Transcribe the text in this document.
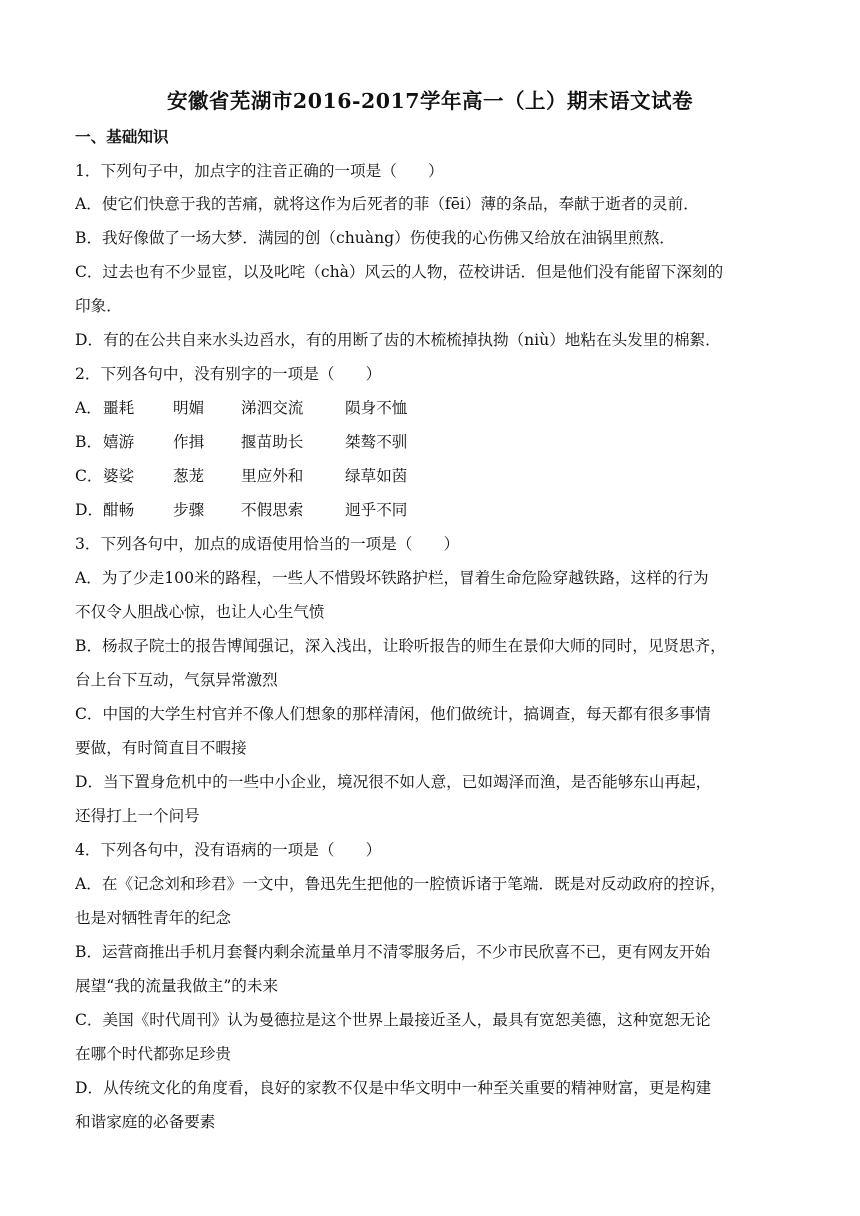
安徽省芜湖市2016-2017学年高一（上）期末语文试卷
一、基础知识
1．下列句子中，加点字的注音正确的一项是（　　）
A．使它们快意于我的苦痛，就将这作为后死者的菲（fēi）薄的条品，奉献于逝者的灵前．
B．我好像做了一场大梦．满园的创（chuàng）伤使我的心伤佛又给放在油锅里煎熬．
C．过去也有不少显宦，以及叱咤（chà）风云的人物，莅校讲话．但是他们没有能留下深刻的
印象．
D．有的在公共自来水头边舀水，有的用断了齿的木梳梳掉执拗（niù）地粘在头发里的棉絮．
2．下列各句中，没有别字的一项是（　　）
A． 噩耗	明媚	涕泗交流	陨身不恤
B． 嬉游	作揖	揠苗助长	桀骜不驯
C． 婆娑	葱茏	里应外和	绿草如茵
D． 酣畅	步骤	不假思索	迥乎不同
3．下列各句中，加点的成语使用恰当的一项是（　　）
A．为了少走100米的路程，一些人不惜毁坏铁路护栏，冒着生命危险穿越铁路，这样的行为
不仅令人胆战心惊，也让人心生气愤
B．杨叔子院士的报告博闻强记，深入浅出，让聆听报告的师生在景仰大师的同时，见贤思齐，
台上台下互动，气氛异常激烈
C．中国的大学生村官并不像人们想象的那样清闲，他们做统计，搞调查，每天都有很多事情
要做，有时简直目不暇接
D．当下置身危机中的一些中小企业，境况很不如人意，已如竭泽而渔，是否能够东山再起，
还得打上一个问号
4．下列各句中，没有语病的一项是（　　）
A．在《记念刘和珍君》一文中，鲁迅先生把他的一腔愤诉诸于笔端．既是对反动政府的控诉，
也是对牺牲青年的纪念
B．运营商推出手机月套餐内剩余流量单月不清零服务后，不少市民欣喜不已，更有网友开始
展望“我的流量我做主”的未来
C．美国《时代周刊》认为曼德拉是这个世界上最接近圣人，最具有宽恕美德，这种宽恕无论
在哪个时代都弥足珍贵
D．从传统文化的角度看，良好的家教不仅是中华文明中一种至关重要的精神财富，更是构建
和谐家庭的必备要素
